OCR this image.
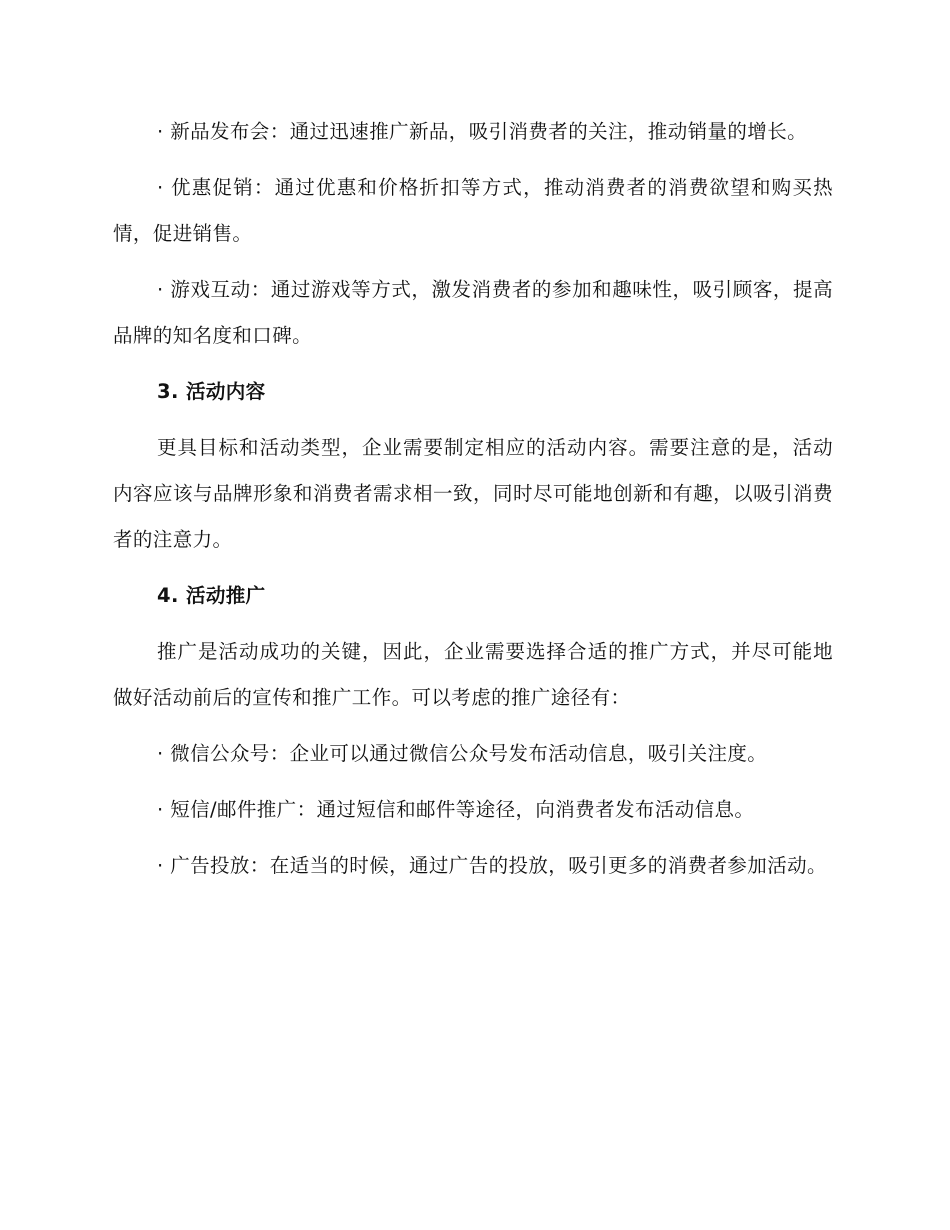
· 新品发布会：通过迅速推广新品，吸引消费者的关注，推动销量的增长。

· 优惠促销：通过优惠和价格折扣等方式，推动消费者的消费欲望和购买热情，促进销售。

· 游戏互动：通过游戏等方式，激发消费者的参加和趣味性，吸引顾客，提高品牌的知名度和口碑。

3. 活动内容

更具目标和活动类型，企业需要制定相应的活动内容。需要注意的是，活动内容应该与品牌形象和消费者需求相一致，同时尽可能地创新和有趣，以吸引消费者的注意力。

4. 活动推广

推广是活动成功的关键，因此，企业需要选择合适的推广方式，并尽可能地做好活动前后的宣传和推广工作。可以考虑的推广途径有：

· 微信公众号：企业可以通过微信公众号发布活动信息，吸引关注度。

· 短信/邮件推广：通过短信和邮件等途径，向消费者发布活动信息。

· 广告投放：在适当的时候，通过广告的投放，吸引更多的消费者参加活动。
